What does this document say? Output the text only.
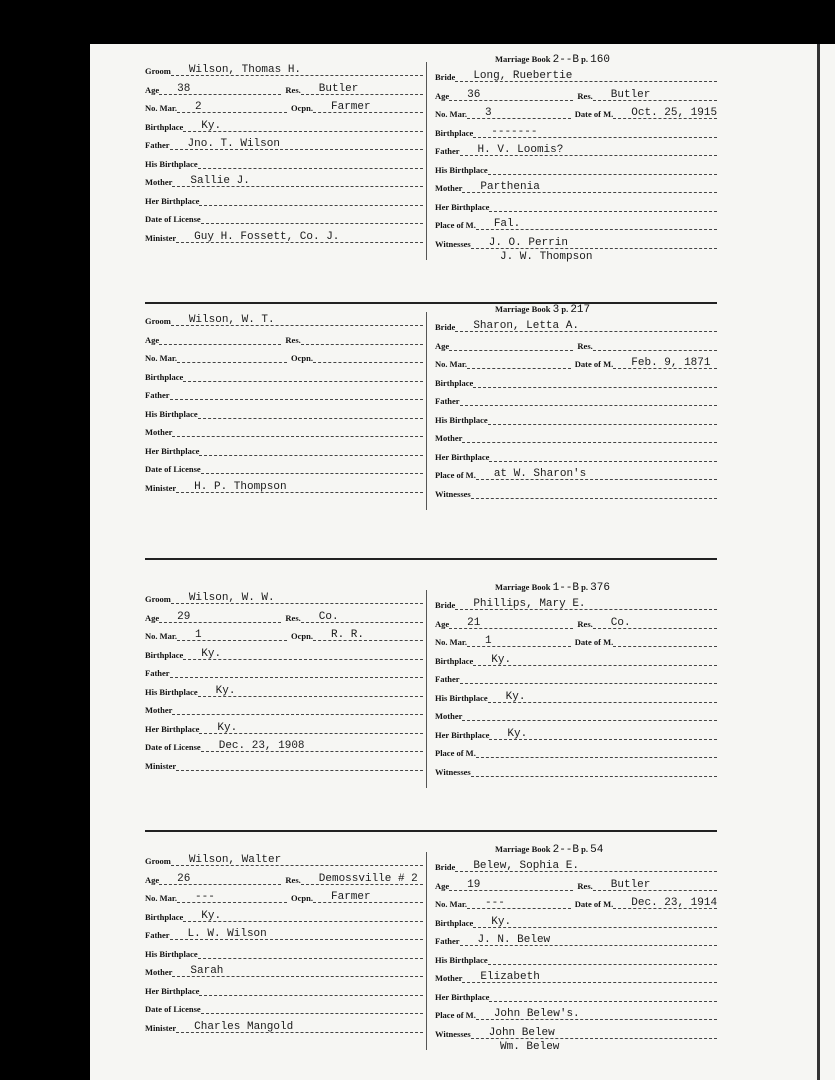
Groom Wilson, Thomas H.
Age 38	Res. Butler
No. Mar. 2	Ocpn. Farmer
Birthplace Ky.
Father Jno. T. Wilson
His Birthplace
Mother Sallie J.
Her Birthplace
Date of License
Minister Guy H. Fossett, Co. J.
Bride Long, Ruebertie
Age 36	Res. Butler
No. Mar. 3	Date of M. Oct. 25, 1915
Birthplace -------
Father H. V. Loomis?
His Birthplace
Mother Parthenia
Her Birthplace
Place of M. Fal.
Witnesses J. O. Perrin
Marriage Book 2--B p. 160
J. W. Thompson
Groom Wilson, W. T.
Age	Res.
No. Mar.	Ocpn.
Birthplace
Father
His Birthplace
Mother
Her Birthplace
Date of License
Minister H. P. Thompson
Bride Sharon, Letta A.
Age	Res.
No. Mar.	Date of M. Feb. 9, 1871
Birthplace
Father
His Birthplace
Mother
Her Birthplace
Place of M. at W. Sharon's
Witnesses
Marriage Book 3 p. 217
Groom Wilson, W. W.
Age 29	Res. Co.
No. Mar. 1	Ocpn. R. R.
Birthplace Ky.
Father
His Birthplace Ky.
Mother
Her Birthplace Ky.
Date of License Dec. 23, 1908
Minister
Bride Phillips, Mary E.
Age 21	Res. Co.
No. Mar. 1	Date of M.
Birthplace Ky.
Father
His Birthplace Ky.
Mother
Her Birthplace Ky.
Place of M.
Witnesses
Marriage Book 1--B p. 376
Groom Wilson, Walter
Age 26	Res. Demossville # 2
No. Mar. ---	Ocpn. Farmer
Birthplace Ky.
Father L. W. Wilson
His Birthplace
Mother Sarah
Her Birthplace
Date of License
Minister Charles Mangold
Bride Belew, Sophia E.
Age 19	Res. Butler
No. Mar. ---	Date of M. Dec. 23, 1914
Birthplace Ky.
Father J. N. Belew
His Birthplace
Mother Elizabeth
Her Birthplace
Place of M. John Belew's.
Witnesses John Belew
Marriage Book 2--B p. 54
Wm. Belew
